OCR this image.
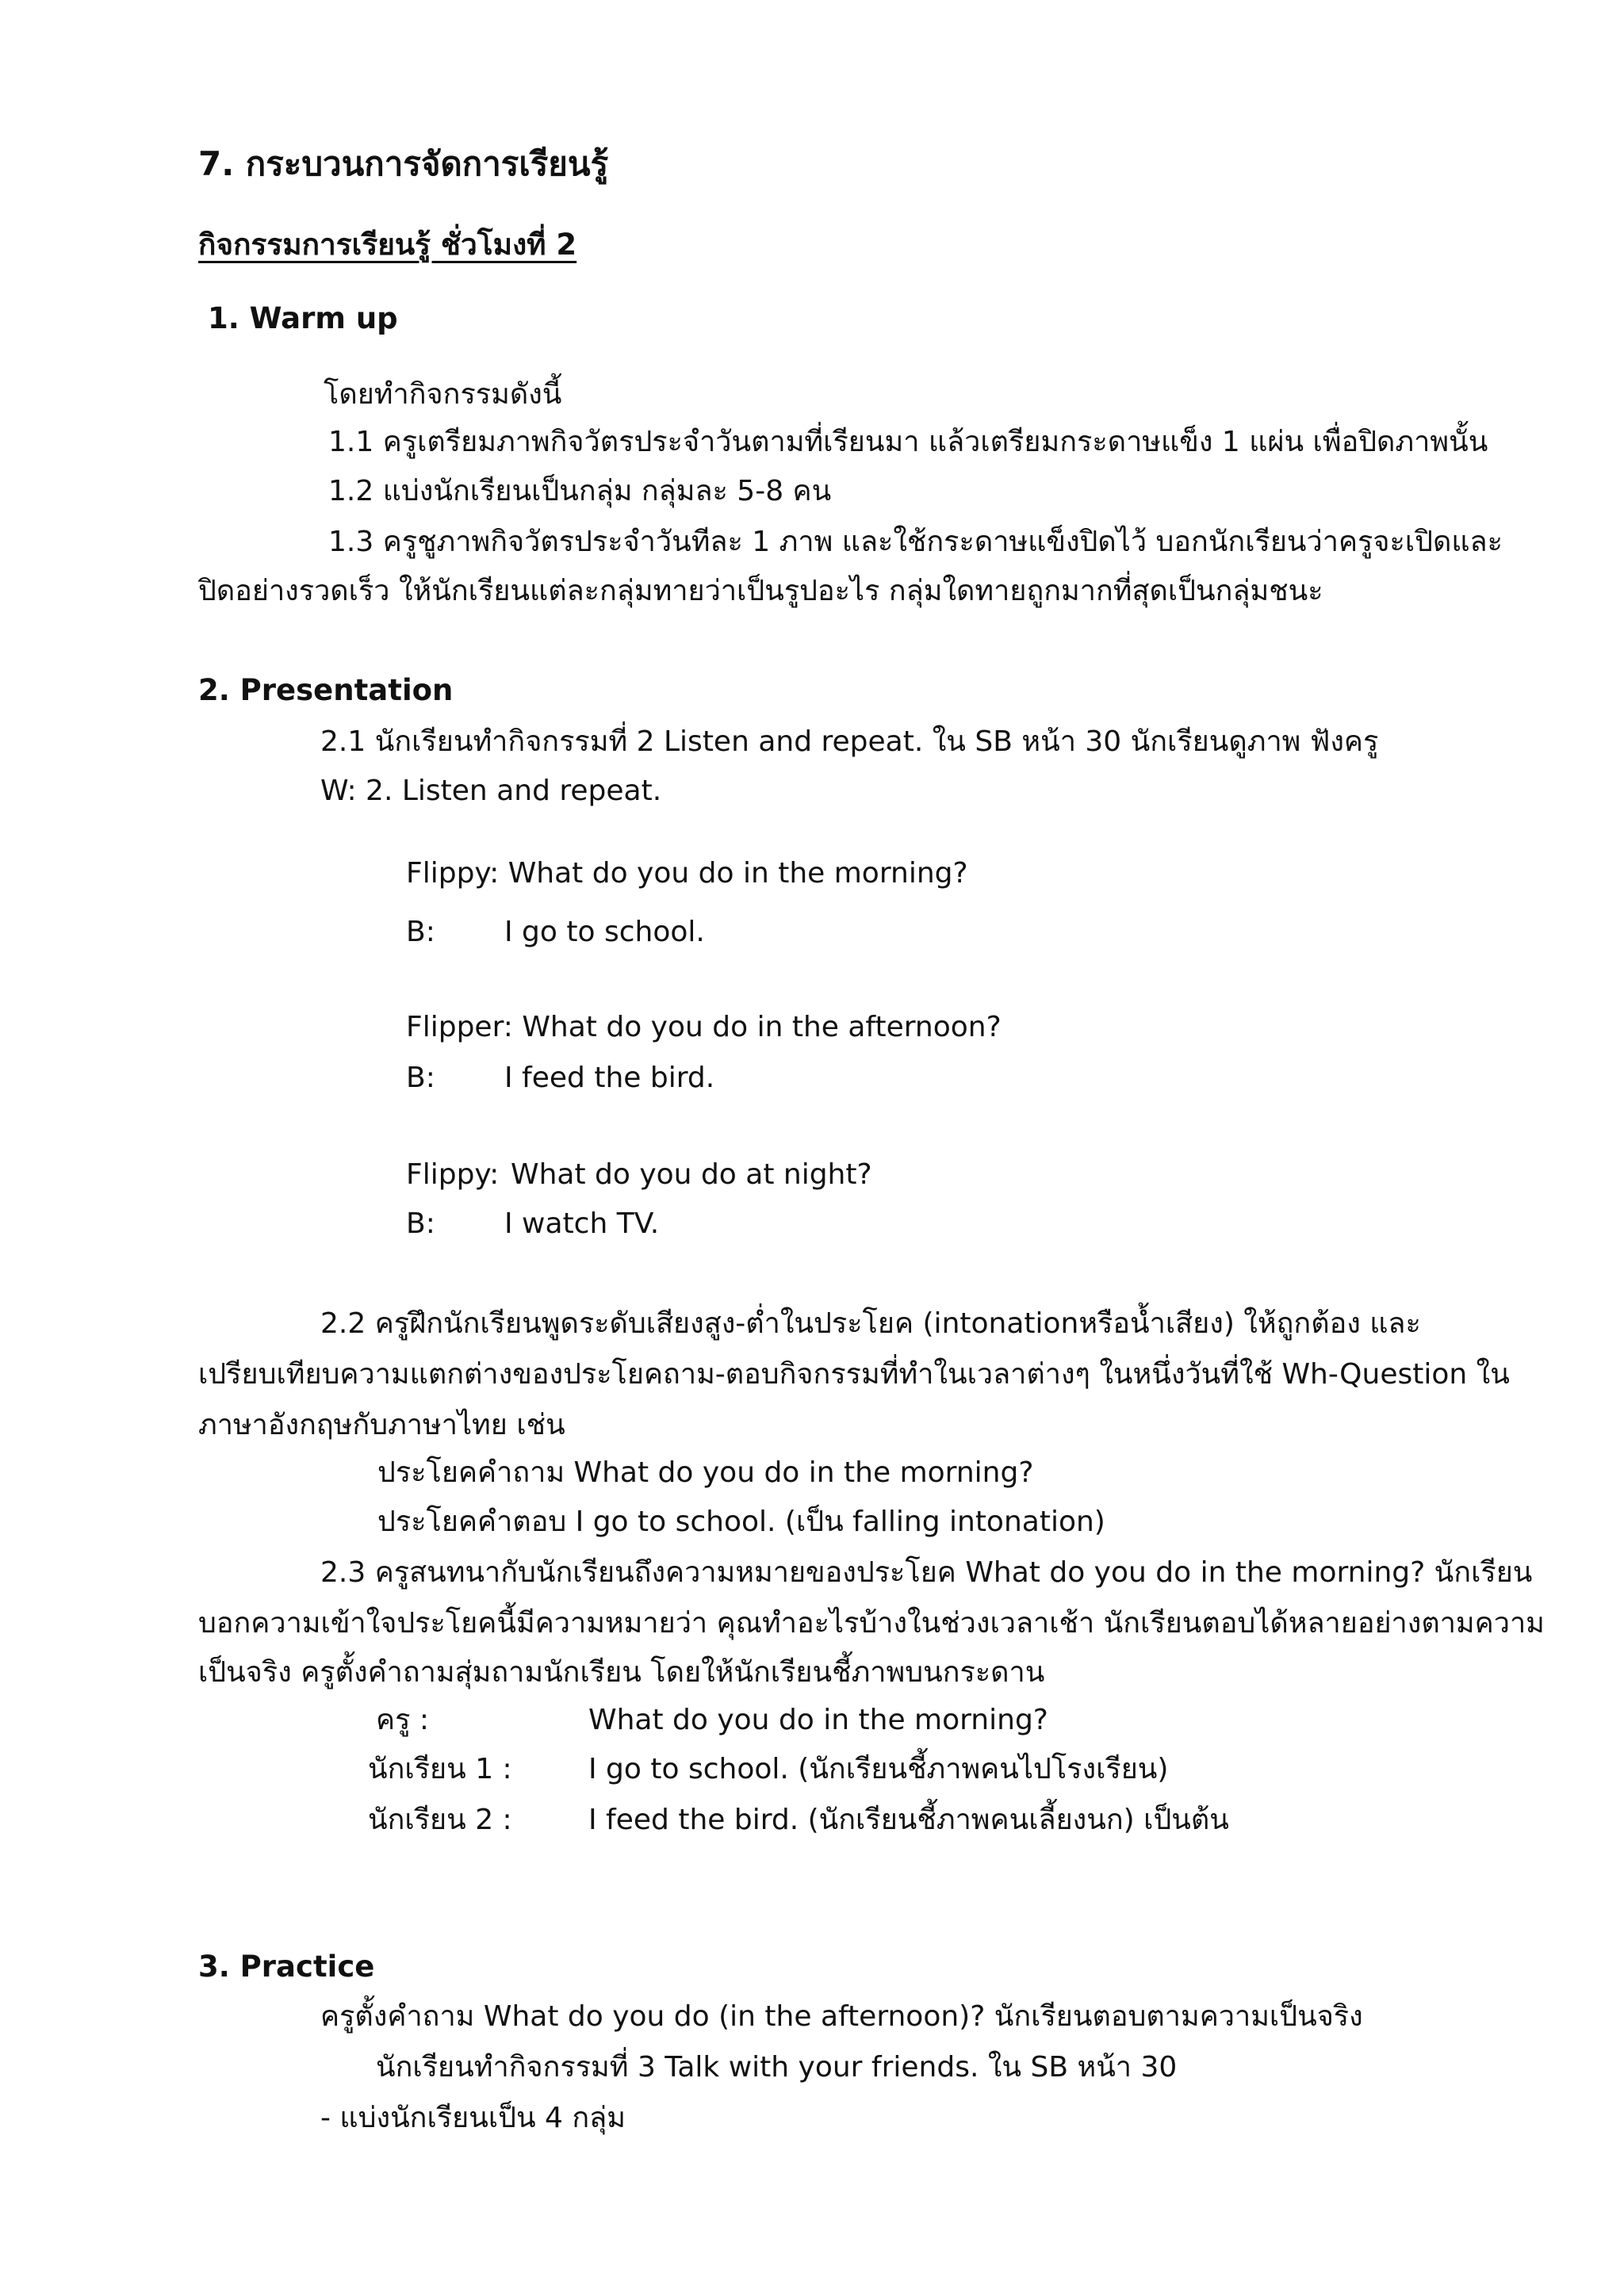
7. กระบวนการจัดการเรียนรู้
กิจกรรมการเรียนรู้ ชั่วโมงที่ 2
1. Warm up
โดยทำกิจกรรมดังนี้
1.1 ครูเตรียมภาพกิจวัตรประจำวันตามที่เรียนมา แล้วเตรียมกระดาษแข็ง 1 แผ่น เพื่อปิดภาพนั้น
1.2 แบ่งนักเรียนเป็นกลุ่ม กลุ่มละ 5-8 คน
1.3 ครูชูภาพกิจวัตรประจำวันทีละ 1 ภาพ และใช้กระดาษแข็งปิดไว้ บอกนักเรียนว่าครูจะเปิดและ
ปิดอย่างรวดเร็ว ให้นักเรียนแต่ละกลุ่มทายว่าเป็นรูปอะไร กลุ่มใดทายถูกมากที่สุดเป็นกลุ่มชนะ
2. Presentation
2.1 นักเรียนทำกิจกรรมที่ 2 Listen and repeat. ใน SB หน้า 30 นักเรียนดูภาพ ฟังครู
W: 2. Listen and repeat.
Flippy: What do you do in the morning?
B: I go to school.
Flipper: What do you do in the afternoon?
B: I feed the bird.
Flippy: What do you do at night?
B: I watch TV.
2.2 ครูฝึกนักเรียนพูดระดับเสียงสูง-ต่ำในประโยค (intonationหรือน้ำเสียง) ให้ถูกต้อง และ
เปรียบเทียบความแตกต่างของประโยคถาม-ตอบกิจกรรมที่ทำในเวลาต่างๆ ในหนึ่งวันที่ใช้ Wh-Question ใน
ภาษาอังกฤษกับภาษาไทย เช่น
ประโยคคำถาม What do you do in the morning?
ประโยคคำตอบ I go to school. (เป็น falling intonation)
2.3 ครูสนทนากับนักเรียนถึงความหมายของประโยค What do you do in the morning? นักเรียน
บอกความเข้าใจประโยคนี้มีความหมายว่า คุณทำอะไรบ้างในช่วงเวลาเช้า นักเรียนตอบได้หลายอย่างตามความ
เป็นจริง ครูตั้งคำถามสุ่มถามนักเรียน โดยให้นักเรียนชี้ภาพบนกระดาน
ครู :	What do you do in the morning?
นักเรียน 1 :	I go to school. (นักเรียนชี้ภาพคนไปโรงเรียน)
นักเรียน 2 :	I feed the bird. (นักเรียนชี้ภาพคนเลี้ยงนก) เป็นต้น
3. Practice
ครูตั้งคำถาม What do you do (in the afternoon)? นักเรียนตอบตามความเป็นจริง
นักเรียนทำกิจกรรมที่ 3 Talk with your friends. ใน SB หน้า 30
- แบ่งนักเรียนเป็น 4 กลุ่ม
